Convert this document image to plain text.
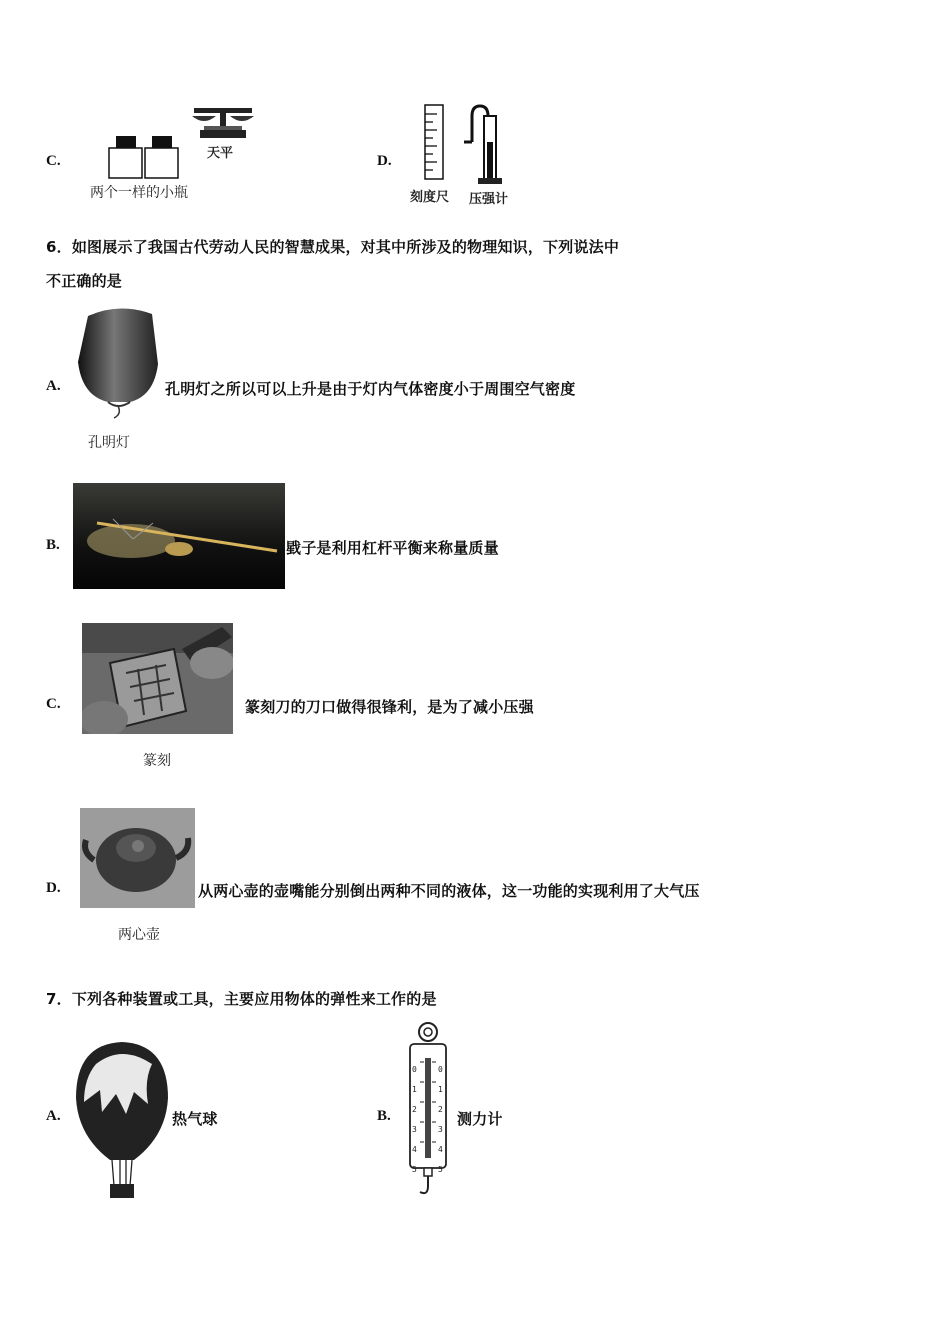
C.	天平
两个一样的小瓶
D.
刻度尺 压强计
6．如图展示了我国古代劳动人民的智慧成果，对其中所涉及的物理知识，下列说法中
不正确的是
A.
孔明灯
孔明灯之所以可以上升是由于灯内气体密度小于周围空气密度
B.	戥子是利用杠杆平衡来称量质量
C.
篆刻
篆刻刀的刀口做得很锋利，是为了减小压强
D.
两心壶
从两心壶的壶嘴能分别倒出两种不同的液体，这一功能的实现利用了大气压
7．下列各种装置或工具，主要应用物体的弹性来工作的是
A.	热气球	B.
0
1
2
3
4
5
0
1
2
3
4
5
测力计
